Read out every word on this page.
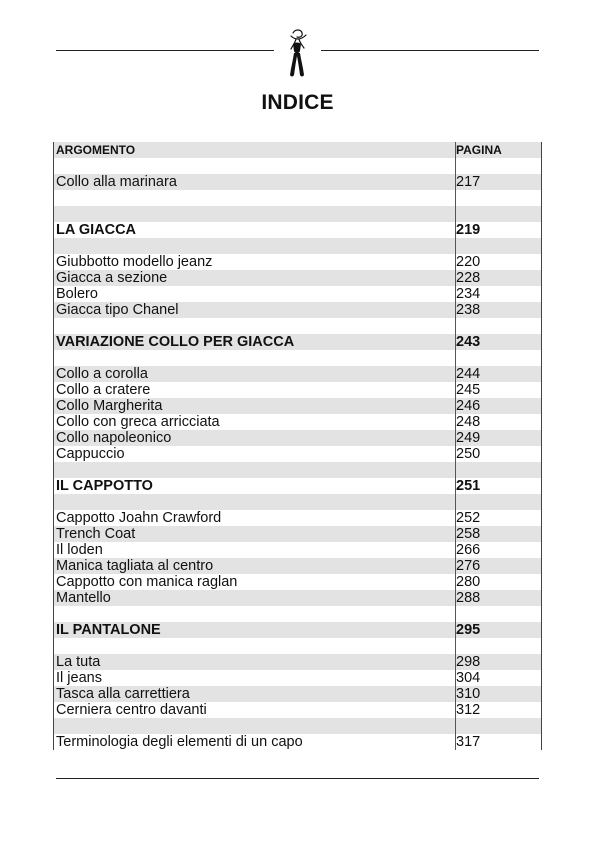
INDICE
ARGOMENTO	PAGINA
Collo alla marinara	217
LA GIACCA	219
Giubbotto modello jeanz	220
Giacca a sezione	228
Bolero	234
Giacca tipo Chanel	238
VARIAZIONE COLLO PER GIACCA	243
Collo a corolla	244
Collo a cratere	245
Collo Margherita	246
Collo con greca arricciata	248
Collo napoleonico	249
Cappuccio	250
IL CAPPOTTO	251
Cappotto Joahn Crawford	252
Trench Coat	258
Il loden	266
Manica tagliata al centro	276
Cappotto con manica raglan	280
Mantello	288
IL PANTALONE	295
La tuta	298
Il jeans	304
Tasca alla carrettiera	310
Cerniera centro davanti	312
Terminologia degli elementi di un capo	317
